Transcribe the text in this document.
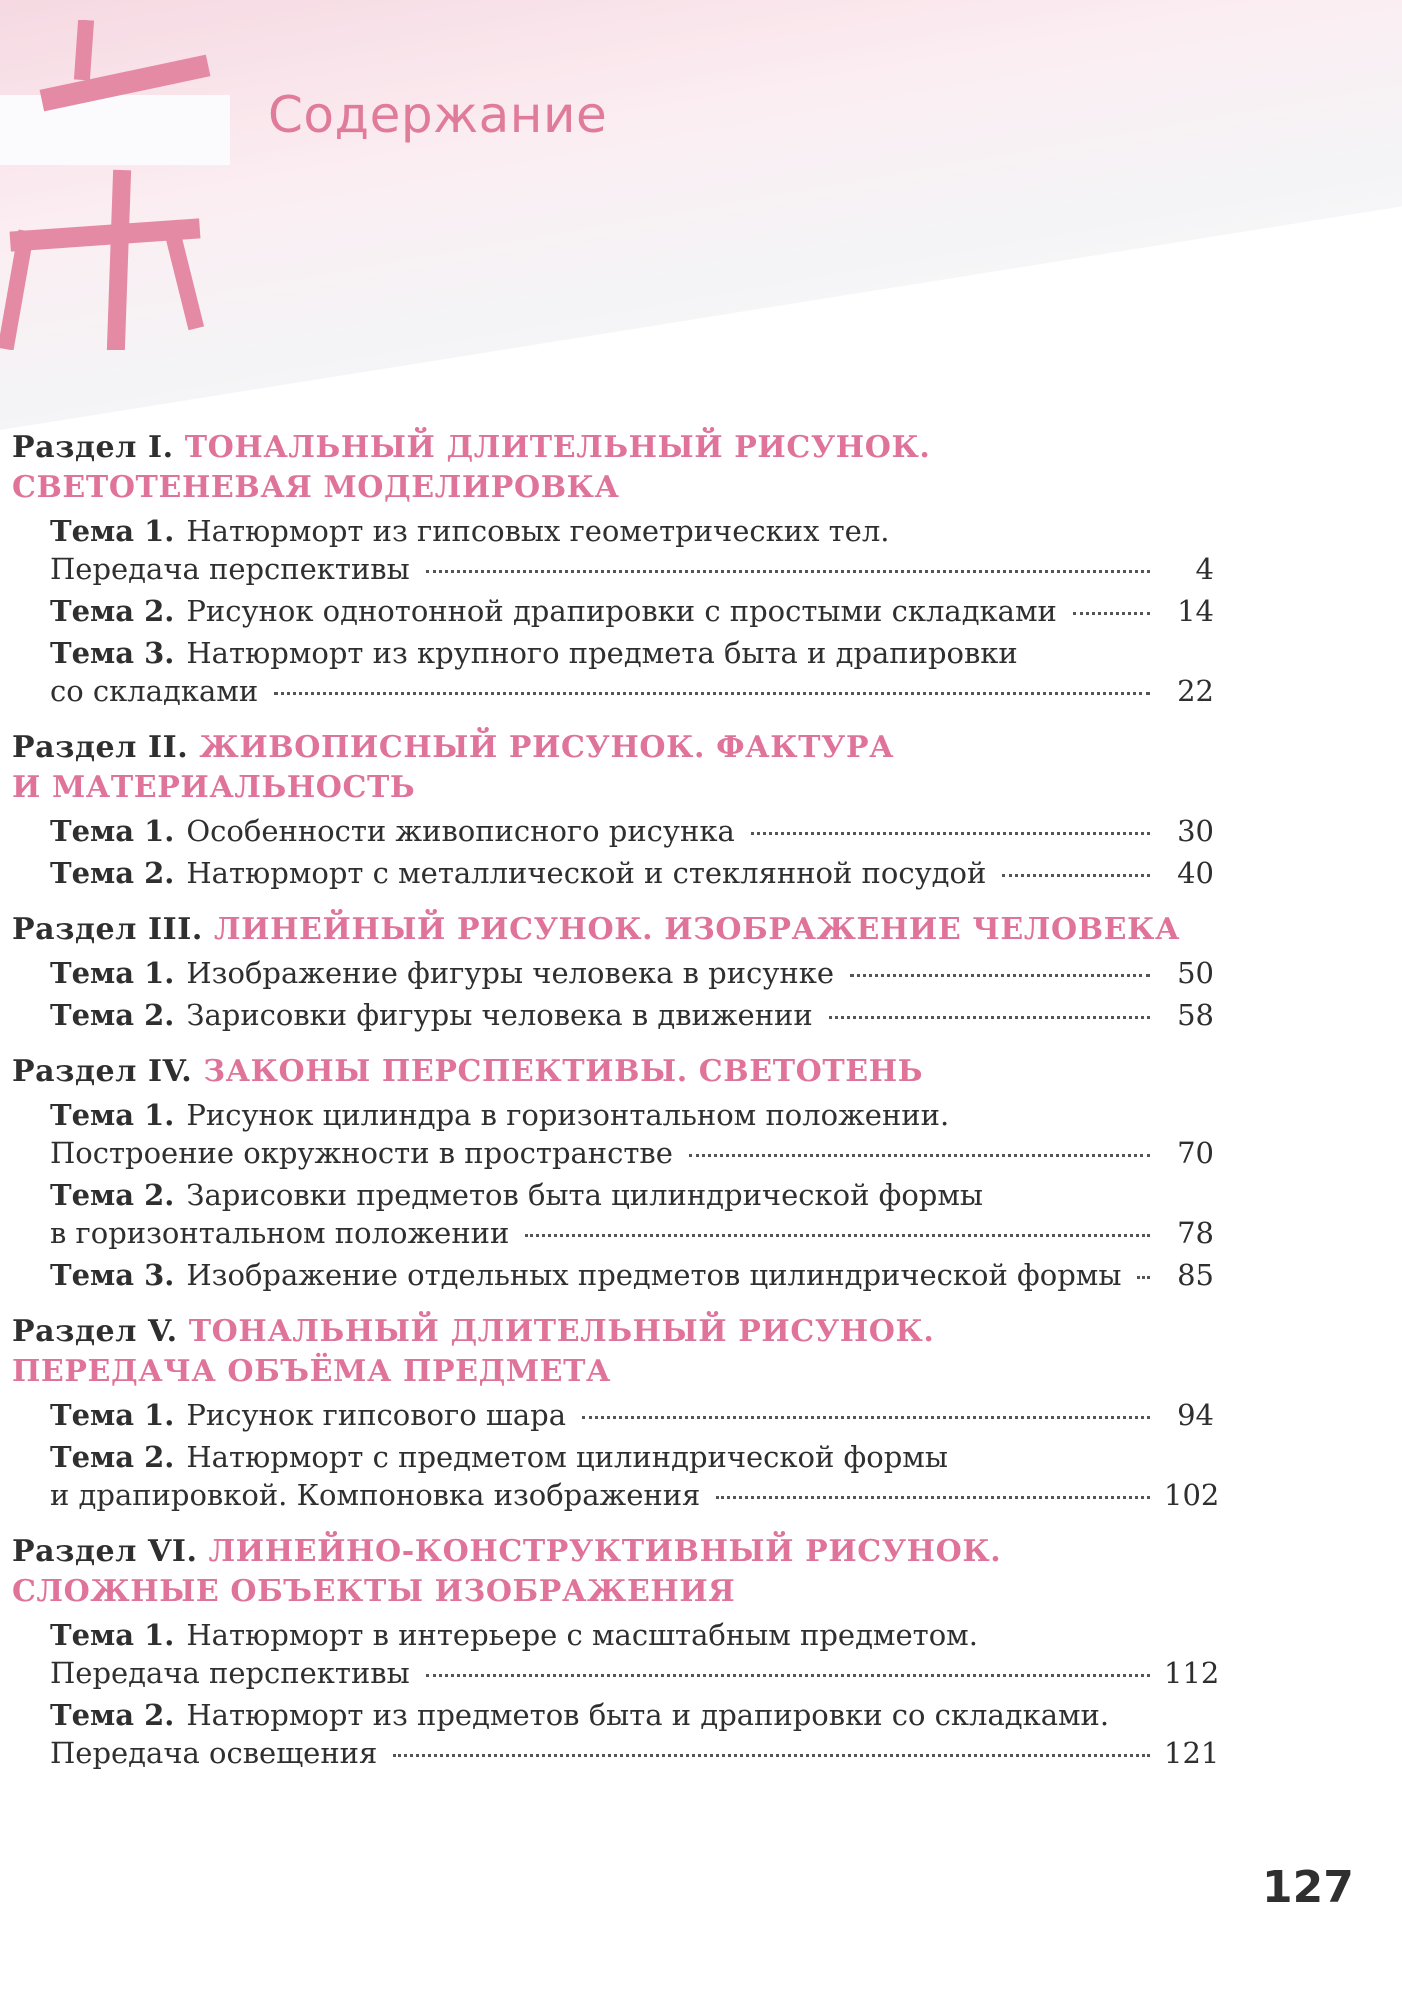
Содержание
Раздел I. ТОНАЛЬНЫЙ ДЛИТЕЛЬНЫЙ РИСУНОК.
СВЕТОТЕНЕВАЯ МОДЕЛИРОВКА
Тема 1. Натюрморт из гипсовых геометрических тел.
Передача перспективы	4
Тема 2. Рисунок однотонной драпировки с простыми складками	14
Тема 3. Натюрморт из крупного предмета быта и драпировки
со складками	22
Раздел II. ЖИВОПИСНЫЙ РИСУНОК. ФАКТУРА
И МАТЕРИАЛЬНОСТЬ
Тема 1. Особенности живописного рисунка	30
Тема 2. Натюрморт с металлической и стеклянной посудой	40
Раздел III. ЛИНЕЙНЫЙ РИСУНОК. ИЗОБРАЖЕНИЕ ЧЕЛОВЕКА
Тема 1. Изображение фигуры человека в рисунке	50
Тема 2. Зарисовки фигуры человека в движении	58
Раздел IV. ЗАКОНЫ ПЕРСПЕКТИВЫ. СВЕТОТЕНЬ
Тема 1. Рисунок цилиндра в горизонтальном положении.
Построение окружности в пространстве	70
Тема 2. Зарисовки предметов быта цилиндрической формы
в горизонтальном положении	78
Тема 3. Изображение отдельных предметов цилиндрической формы	85
Раздел V. ТОНАЛЬНЫЙ ДЛИТЕЛЬНЫЙ РИСУНОК.
ПЕРЕДАЧА ОБЪЁМА ПРЕДМЕТА
Тема 1. Рисунок гипсового шара	94
Тема 2. Натюрморт с предметом цилиндрической формы
и драпировкой. Компоновка изображения	102
Раздел VI. ЛИНЕЙНО-КОНСТРУКТИВНЫЙ РИСУНОК.
СЛОЖНЫЕ ОБЪЕКТЫ ИЗОБРАЖЕНИЯ
Тема 1. Натюрморт в интерьере с масштабным предметом.
Передача перспективы	112
Тема 2. Натюрморт из предметов быта и драпировки со складками.
Передача освещения	121
127
